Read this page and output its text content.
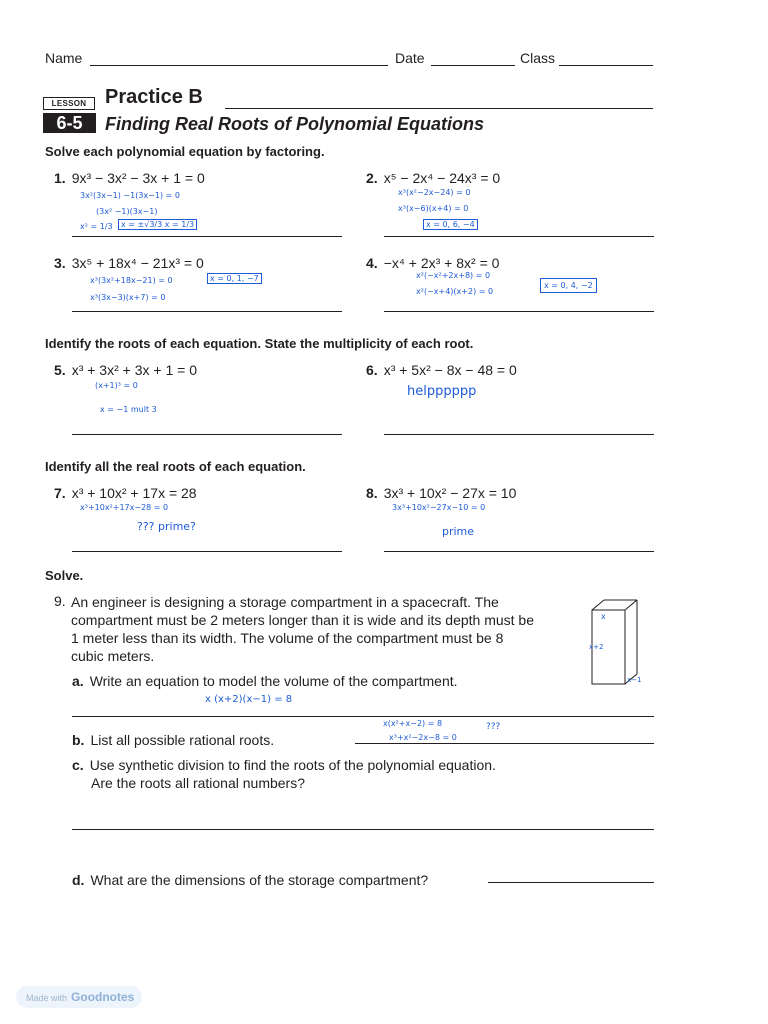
Name	Date	Class
LESSON
6-5
Practice B
Finding Real Roots of Polynomial Equations
Solve each polynomial equation by factoring.
1. 9x³ − 3x² − 3x + 1 = 0
3x²(3x−1) −1(3x−1) = 0
(3x² −1)(3x−1)
x² = 1/3	x = ±√3/3 x = 1/3
2. x⁵ − 2x⁴ − 24x³ = 0
x³(x²−2x−24) = 0
x³(x−6)(x+4) = 0
x = 0, 6, −4
3. 3x⁵ + 18x⁴ − 21x³ = 0
x³(3x²+18x−21) = 0	x = 0, 1, −7
x³(3x−3)(x+7) = 0
4. −x⁴ + 2x³ + 8x² = 0
x²(−x²+2x+8) = 0
x²(−x+4)(x+2) = 0
x = 0, 4, −2
Identify the roots of each equation. State the multiplicity of each root.
5. x³ + 3x² + 3x + 1 = 0
(x+1)³ = 0
x = −1 mult 3
6. x³ + 5x² − 8x − 48 = 0
helpppppp
Identify all the real roots of each equation.
7. x³ + 10x² + 17x = 28
x³+10x²+17x−28 = 0
??? prime?
8. 3x³ + 10x² − 27x = 10
3x³+10x²−27x−10 = 0
prime
Solve.
9. An engineer is designing a storage compartment in a spacecraft. The compartment must be 2 meters longer than it is wide and its depth must be 1 meter less than its width. The volume of the compartment must be 8 cubic meters.
x
x+2
x−1
a. Write an equation to model the volume of the compartment.
x (x+2)(x−1) = 8
b. List all possible rational roots.
x(x²+x−2) = 8
x³+x²−2x−8 = 0
???
c. Use synthetic division to find the roots of the polynomial equation.
Are the roots all rational numbers?
d. What are the dimensions of the storage compartment?
Made with Goodnotes
